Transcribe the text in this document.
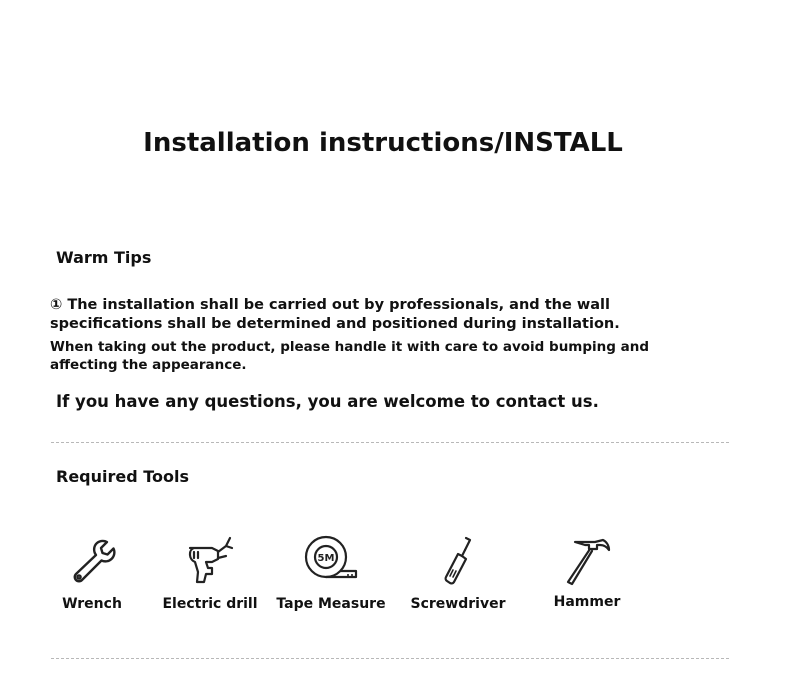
Installation instructions/INSTALL
Warm Tips
① The installation shall be carried out by professionals, and the wall specifications shall be determined and positioned during installation.
When taking out the product, please handle it with care to avoid bumping and affecting the appearance.
If you have any questions, you are welcome to contact us.
Required Tools
Wrench	Electric drill
5M
Tape Measure	Screwdriver	Hammer
